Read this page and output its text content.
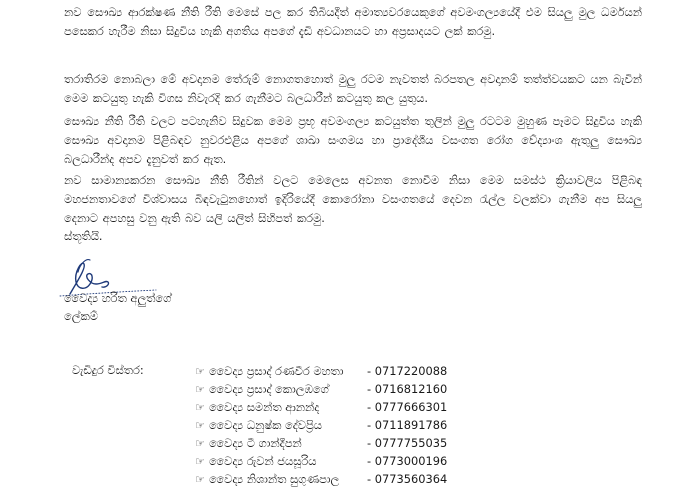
නව සෞඛ්‍ය ආරක්ෂණ නීති රීති මෙසේ පල කර තිබියදීත් අමාත්‍යවරයෙකුගේ අවමංගල්‍යයේදී එම සියලු මුල ධර්මයන් පසෙකර හැරීම නිසා සිදුවිය හැකි අගතිය අපගේ දැඩි අවධානයට හා අප්‍රසාදයට ලක් කරමු.

තරාතිරම නොබලා මේ අවදානම තේරුම් නොගතහොත් මුලු රටම නැවතත් බරපතල අවදානම් තත්ත්වයකට යන බැවින් මෙම කටයුතු හැකි විගස නිවැරදි කර ගැනීමට බලධාරීන් කටයුතු කල යුතුය.

සෞඛ්‍ය නීති රීති වලට පටහැනිව සිදුවක මෙම ප්‍රභූ අවමංගල්‍ය කටයුත්ත තුලින් මුලු රටටම මුහුණ පෑමට සිදුවිය හැකි සෞඛ්‍ය අවදානම පිළිබඳව නුවරඑළිය අපගේ ශාඛා සංගමය හා ප්‍රාදේශීය වසංගත රෝග වේද්‍යාංශ ඇතුලු සෞඛ්‍ය බලධාරීන්ද අපව දැනුවත් කර ඇත.

නව සාමාන්‍යකරන සෞඛ්‍ය නීති රීතින් වලට මෙලෙස අවනත නොවීම නිසා මෙම සමස්ථ ක්‍රියාවලිය පිළිබඳ මහජනතාවගේ විශ්වාසය බිඳවැටුනහොත් ඉදිරියේදී කොරෝනා වසංගතයේ දෙවන රැල්ල වලක්වා ගැනීම අප සියලු දෙනාට අපහසු වනු ඇති බව යලි යලිත් සිහිපත් කරමු.

ස්තූතියි.

වෛද්‍ය හරිත අලුත්ගේ

ලේකම්

වැඩිදුර විස්තර:	☞ වෛද්‍ය ප්‍රසාද් රණවීර මහතා	- 0717220088
☞ වෛද්‍ය ප්‍රසාද් කොලඹගේ	- 0716812160
☞ වෛද්‍ය සමන්ත ආනන්ද	- 0777666301
☞ වෛද්‍ය ධනුෂ්ක දේවප්‍රිය	- 0711891786
☞ වෛද්‍ය ටී ගාන්දීපන්	- 0777755035
☞ වෛද්‍ය රුවන් ජයසූරිය	- 0773000196
☞ වෛද්‍ය නිශාන්ත සුගුණපාල	- 0773560364
